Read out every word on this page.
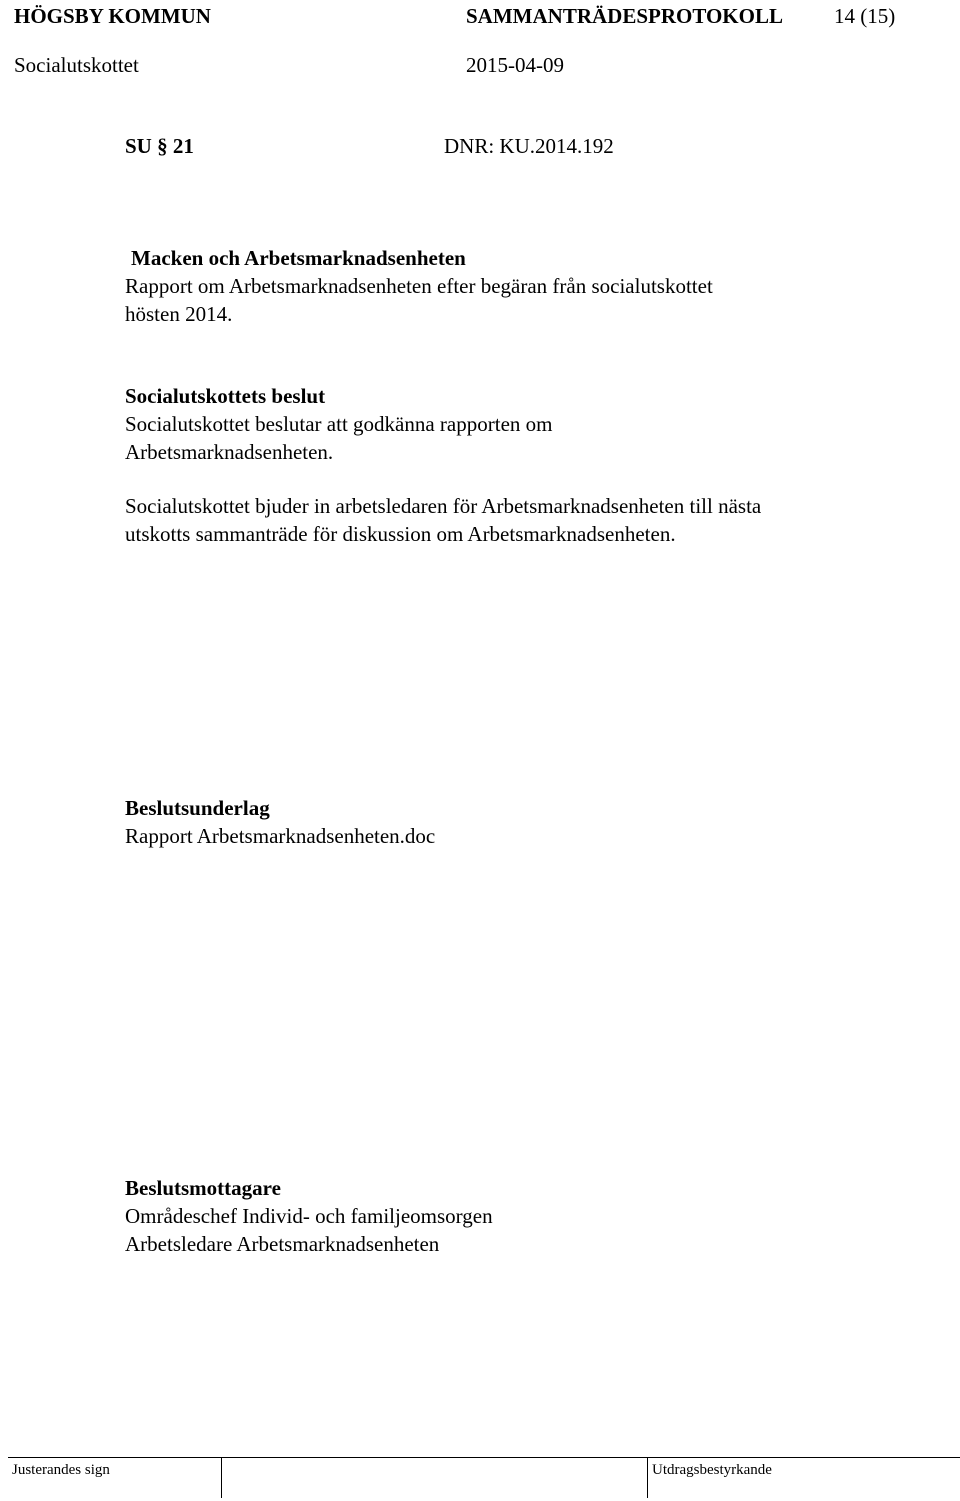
HÖGSBY KOMMUN	SAMMANTRÄDESPROTOKOLL 14 (15)
Socialutskottet	2015-04-09
SU § 21	DNR: KU.2014.192
Macken och Arbetsmarknadsenheten
Rapport om Arbetsmarknadsenheten efter begäran från socialutskottet
hösten 2014.
Socialutskottets beslut
Socialutskottet beslutar att godkänna rapporten om
Arbetsmarknadsenheten.
Socialutskottet bjuder in arbetsledaren för Arbetsmarknadsenheten till nästa
utskotts sammanträde för diskussion om Arbetsmarknadsenheten.
Beslutsunderlag
Rapport Arbetsmarknadsenheten.doc
Beslutsmottagare
Områdeschef Individ- och familjeomsorgen
Arbetsledare Arbetsmarknadsenheten
Justerandes sign	Utdragsbestyrkande
